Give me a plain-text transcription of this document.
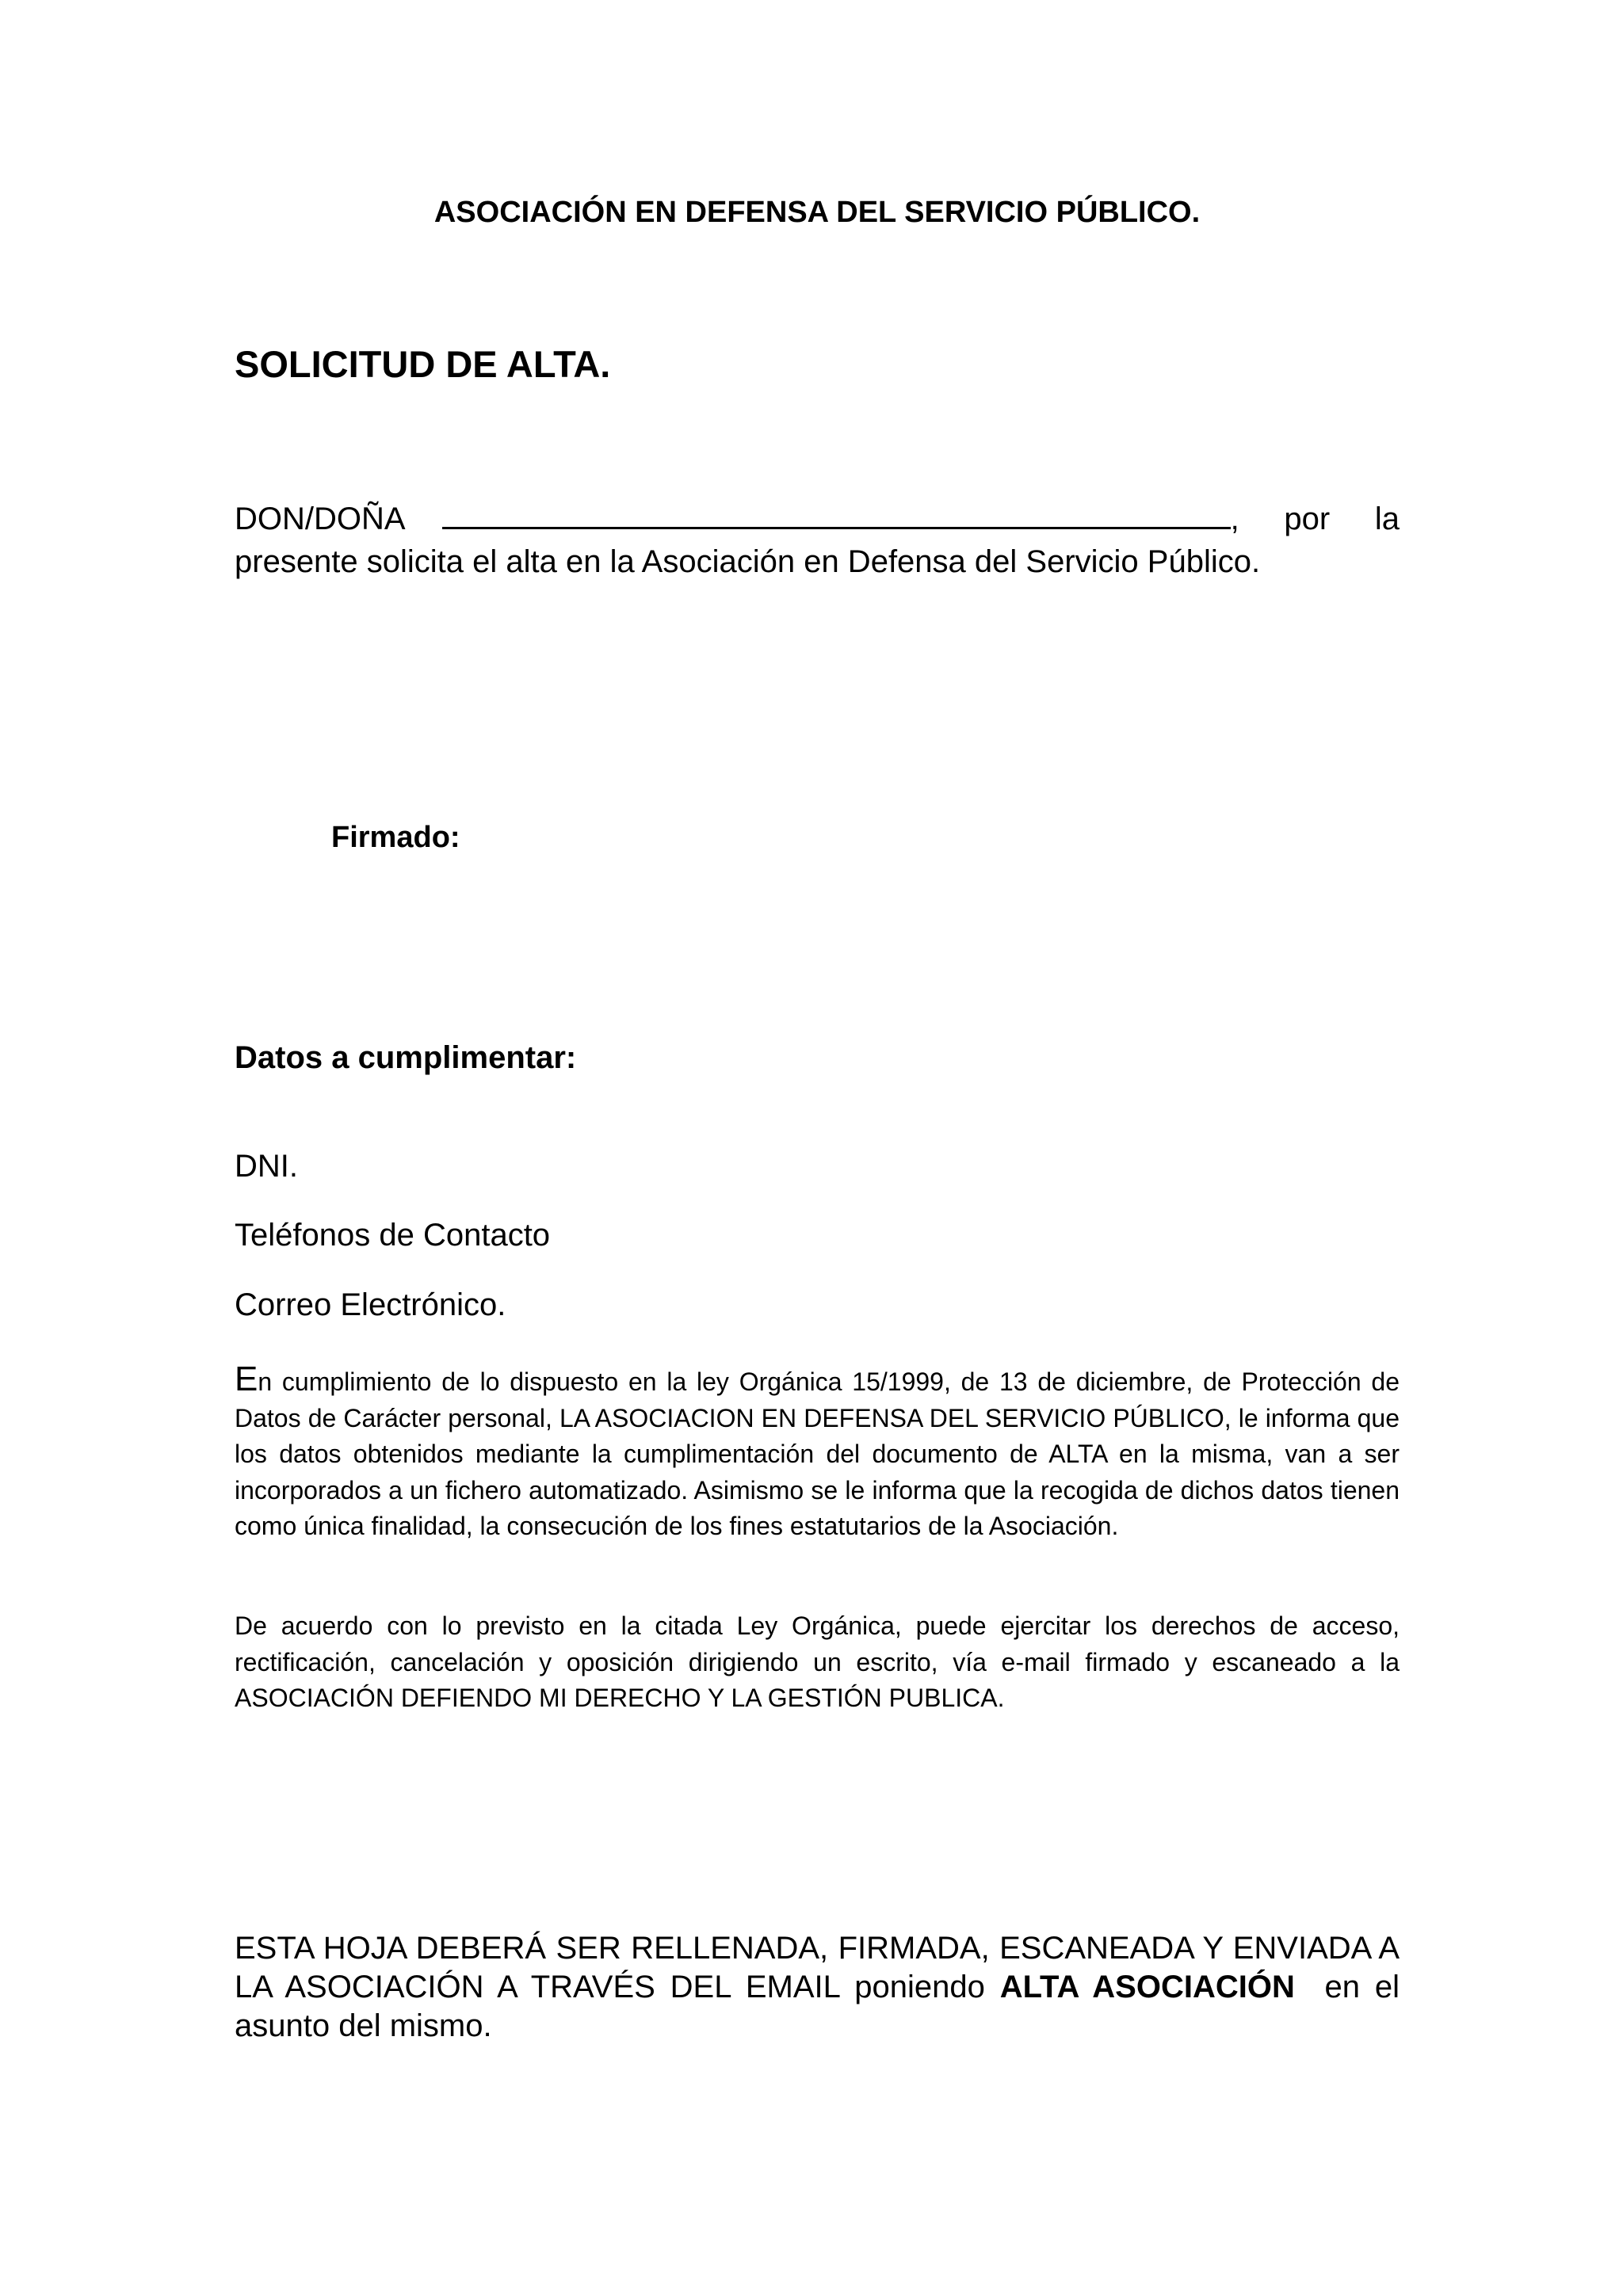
ASOCIACIÓN EN DEFENSA DEL SERVICIO PÚBLICO.

SOLICITUD DE ALTA.

DON/DOÑA	, por la
presente solicita el alta en la Asociación en Defensa del Servicio Público.

Firmado:

Datos a cumplimentar:

DNI.

Teléfonos de Contacto

Correo Electrónico.

En cumplimiento de lo dispuesto en la ley Orgánica 15/1999, de 13 de diciembre, de Protección de Datos de Carácter personal, LA ASOCIACION EN DEFENSA DEL SERVICIO PÚBLICO, le informa que los datos obtenidos mediante la cumplimentación del documento de ALTA en la misma, van a ser incorporados a un fichero automatizado. Asimismo se le informa que la recogida de dichos datos tienen como única finalidad, la consecución de los fines estatutarios de la Asociación.

De acuerdo con lo previsto en la citada Ley Orgánica, puede ejercitar los derechos de acceso, rectificación, cancelación y oposición dirigiendo un escrito, vía e-mail firmado y escaneado a la ASOCIACIÓN DEFIENDO MI DERECHO Y LA GESTIÓN PUBLICA.

ESTA HOJA DEBERÁ SER RELLENADA, FIRMADA, ESCANEADA Y ENVIADA A LA ASOCIACIÓN A TRAVÉS DEL EMAIL poniendo ALTA ASOCIACIÓN  en el asunto del mismo.
